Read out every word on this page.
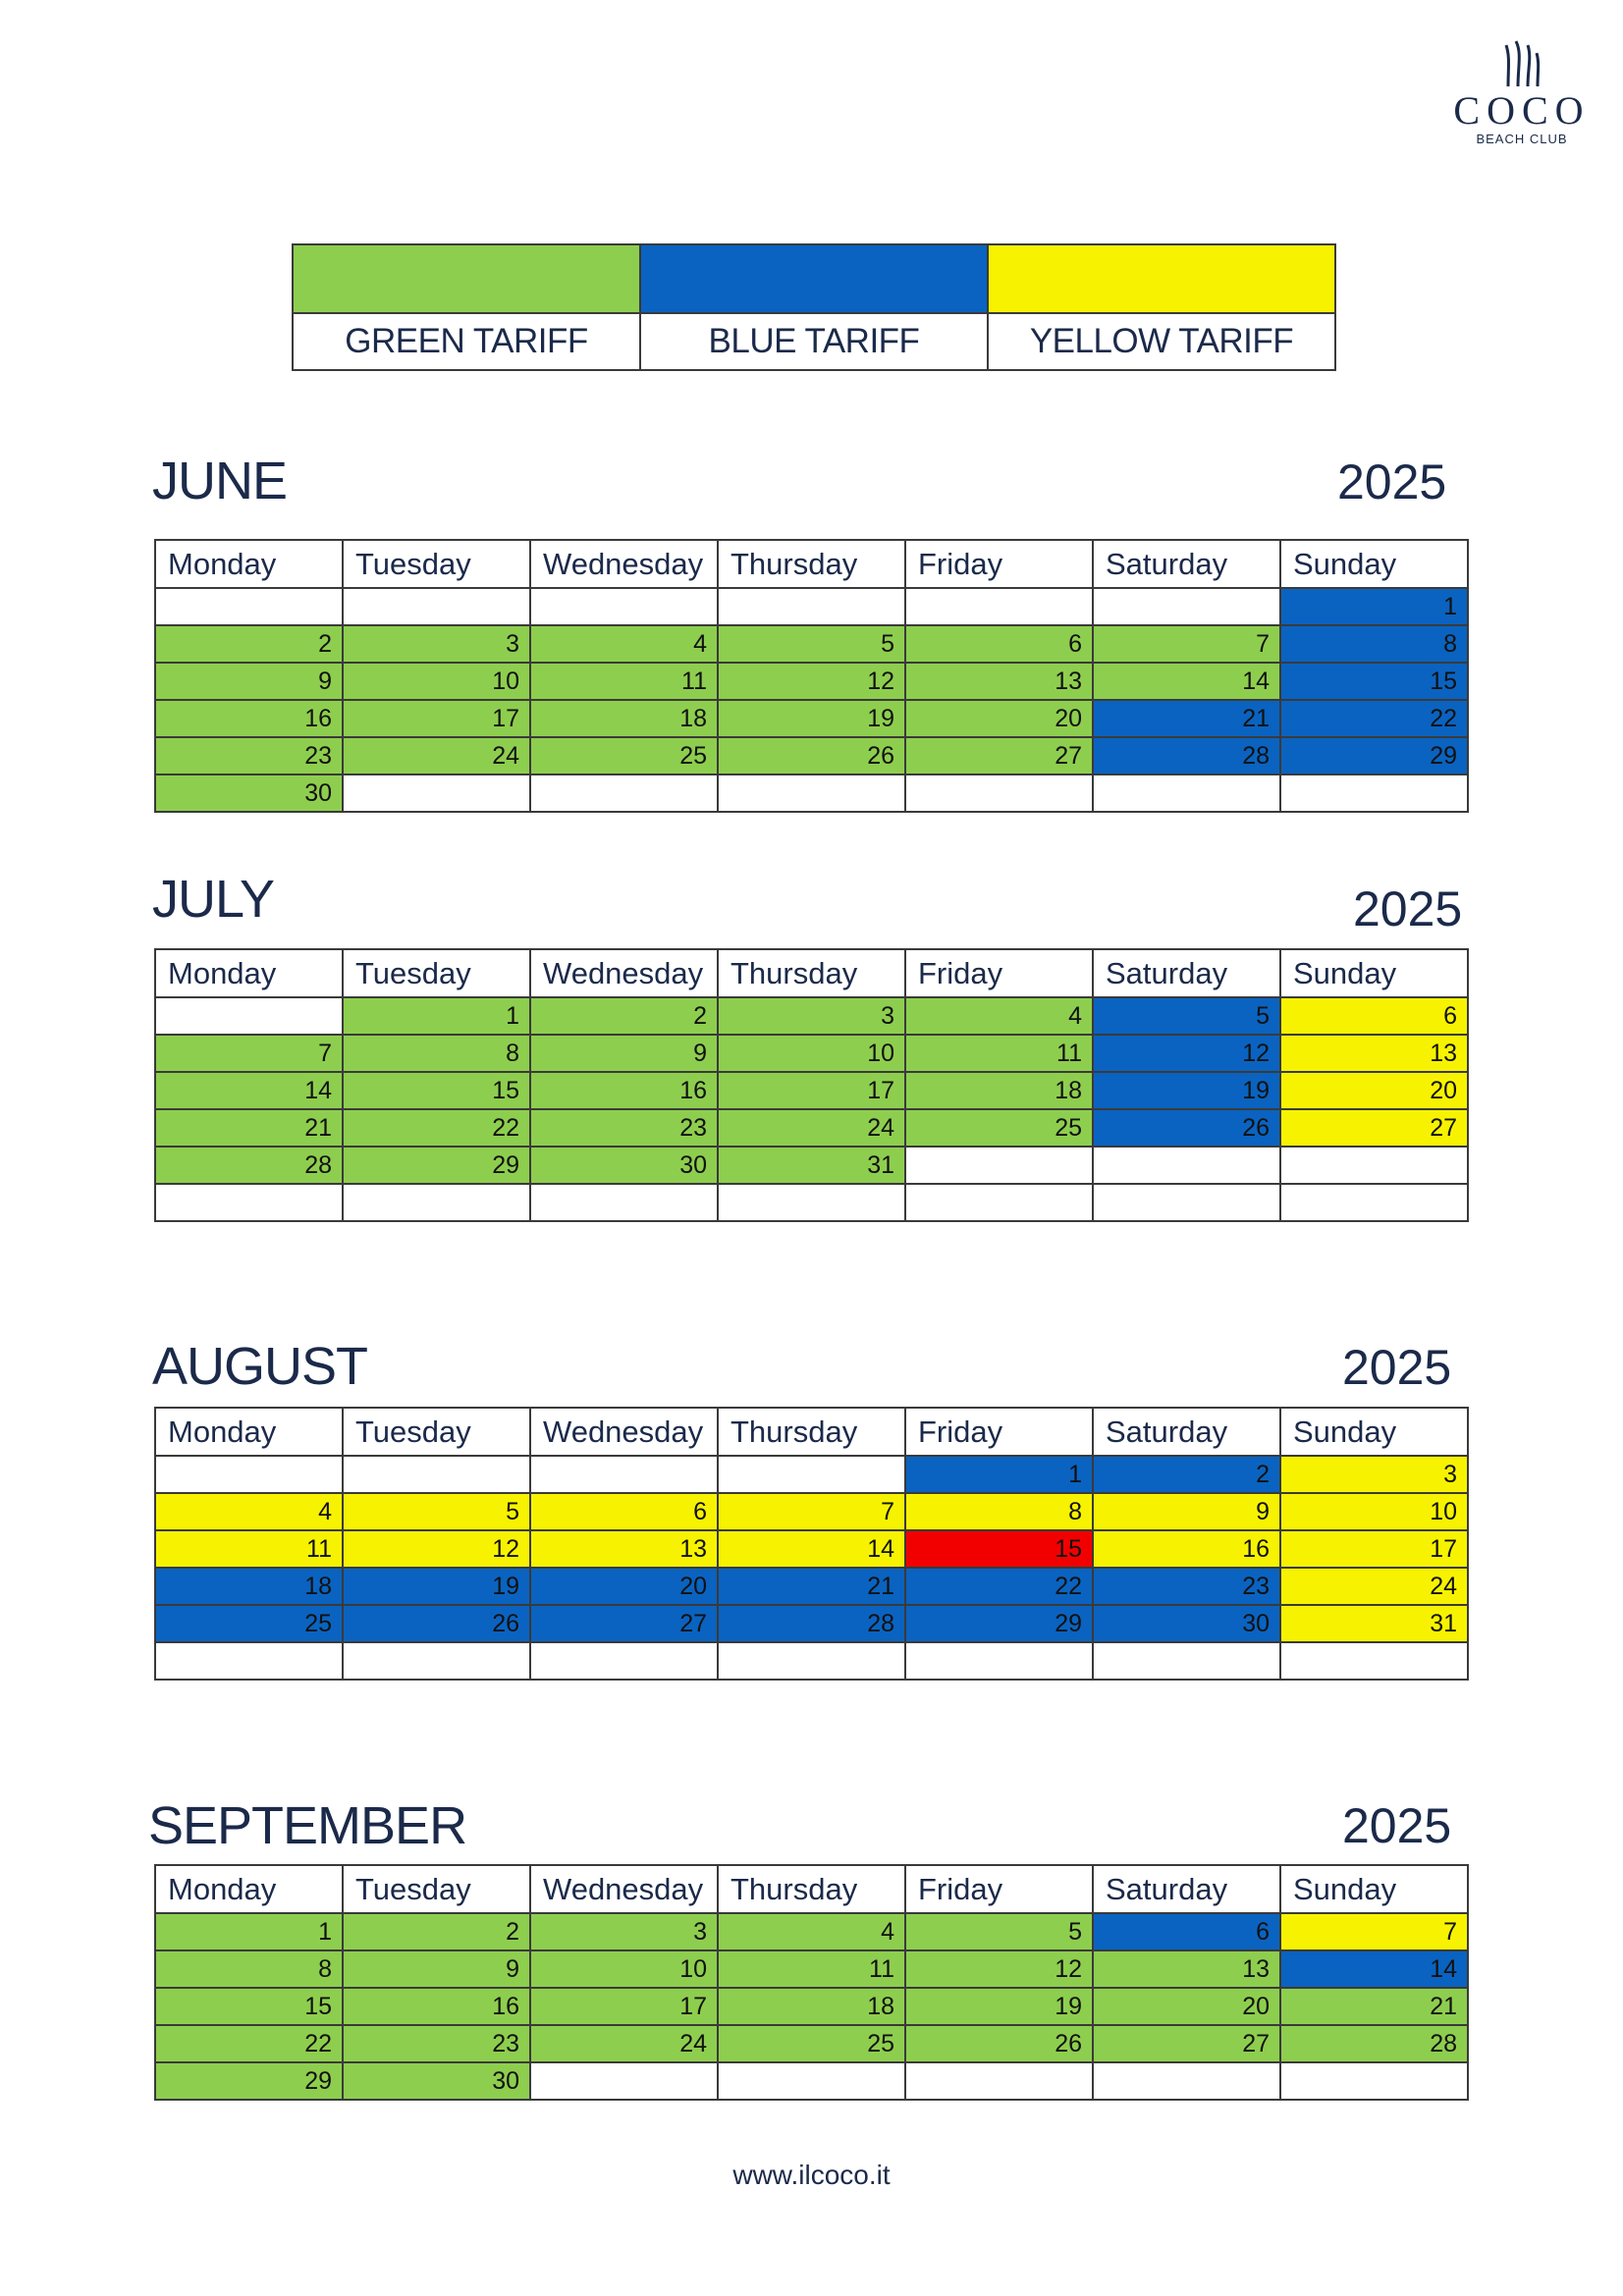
COCO
BEACH CLUB

GREEN TARIFF	BLUE TARIFF	YELLOW TARIFF
JUNE	2025
Monday	Tuesday	Wednesday	Thursday	Friday	Saturday	Sunday
						1
2	3	4	5	6	7	8
9	10	11	12	13	14	15
16	17	18	19	20	21	22
23	24	25	26	27	28	29
30						
JULY	2025
Monday	Tuesday	Wednesday	Thursday	Friday	Saturday	Sunday
	1	2	3	4	5	6
7	8	9	10	11	12	13
14	15	16	17	18	19	20
21	22	23	24	25	26	27
28	29	30	31			

AUGUST	2025
Monday	Tuesday	Wednesday	Thursday	Friday	Saturday	Sunday
				1	2	3
4	5	6	7	8	9	10
11	12	13	14	15	16	17
18	19	20	21	22	23	24
25	26	27	28	29	30	31

SEPTEMBER	2025
Monday	Tuesday	Wednesday	Thursday	Friday	Saturday	Sunday
1	2	3	4	5	6	7
8	9	10	11	12	13	14
15	16	17	18	19	20	21
22	23	24	25	26	27	28
29	30					
www.ilcoco.it
